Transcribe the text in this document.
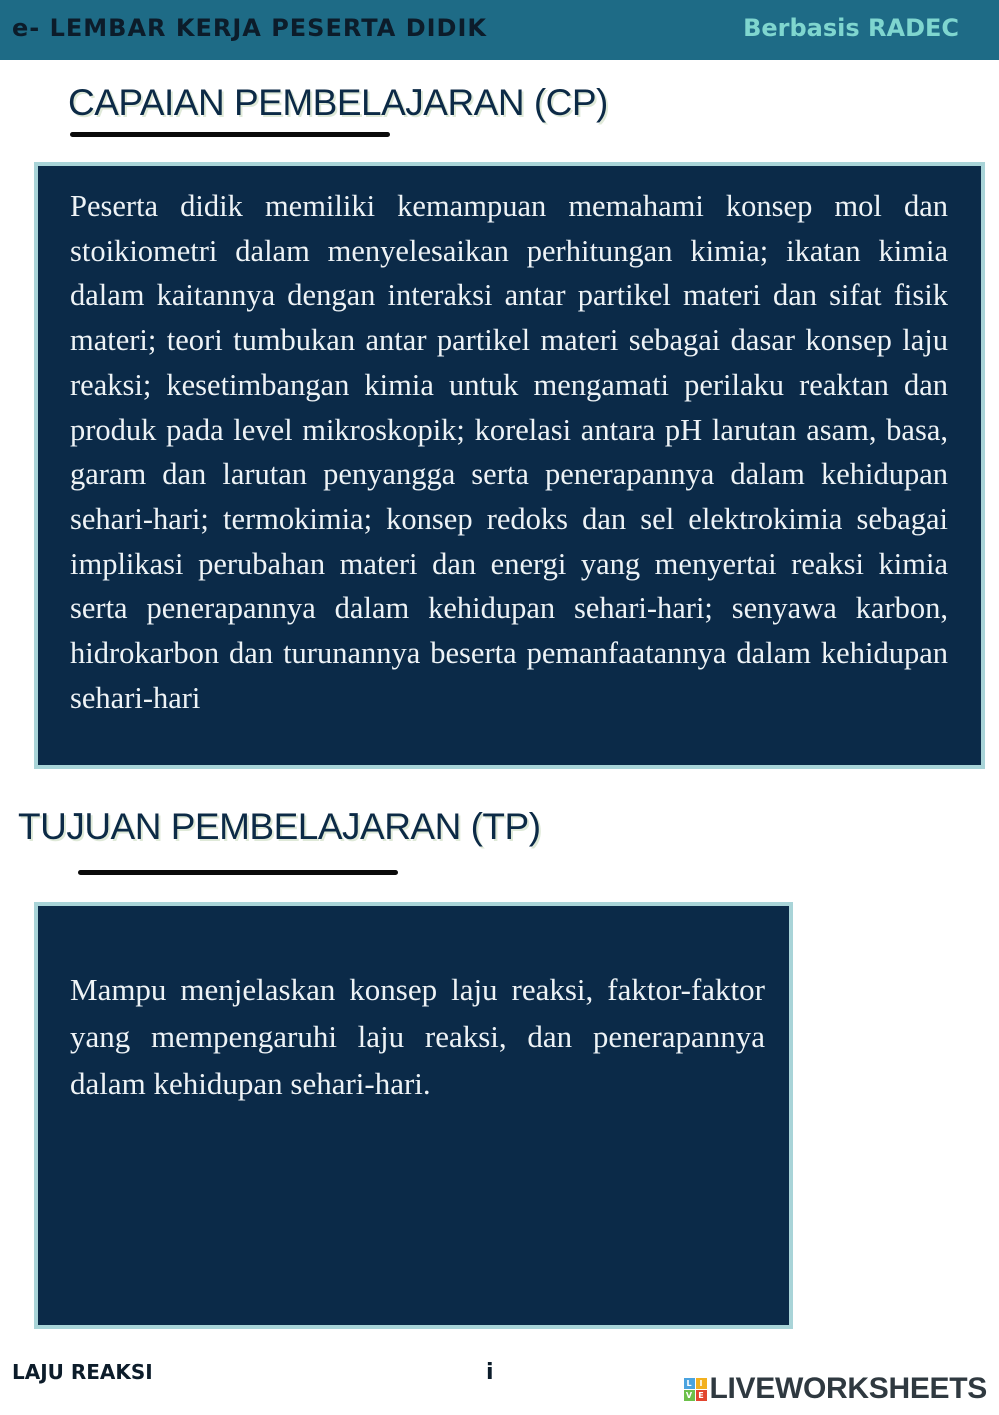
e- LEMBAR KERJA PESERTA DIDIK	Berbasis RADEC
CAPAIAN PEMBELAJARAN (CP)
Peserta didik memiliki kemampuan memahami konsep mol dan stoikiometri dalam menyelesaikan perhitungan kimia; ikatan kimia dalam kaitannya dengan interaksi antar partikel materi dan sifat fisik materi; teori tumbukan antar partikel materi sebagai dasar konsep laju reaksi; kesetimbangan kimia untuk mengamati perilaku reaktan dan produk pada level mikroskopik; korelasi antara pH larutan asam, basa, garam dan larutan penyangga serta penerapannya dalam kehidupan sehari-hari; termokimia; konsep redoks dan sel elektrokimia sebagai implikasi perubahan materi dan energi yang menyertai reaksi kimia serta penerapannya dalam kehidupan sehari-hari; senyawa karbon, hidrokarbon dan turunannya beserta pemanfaatannya dalam kehidupan sehari-hari
TUJUAN PEMBELAJARAN (TP)
Mampu menjelaskan konsep laju reaksi, faktor-faktor yang mempengaruhi laju reaksi, dan penerapannya dalam kehidupan sehari-hari.
LAJU REAKSI	i	L I
V E LIVEWORKSHEETS
